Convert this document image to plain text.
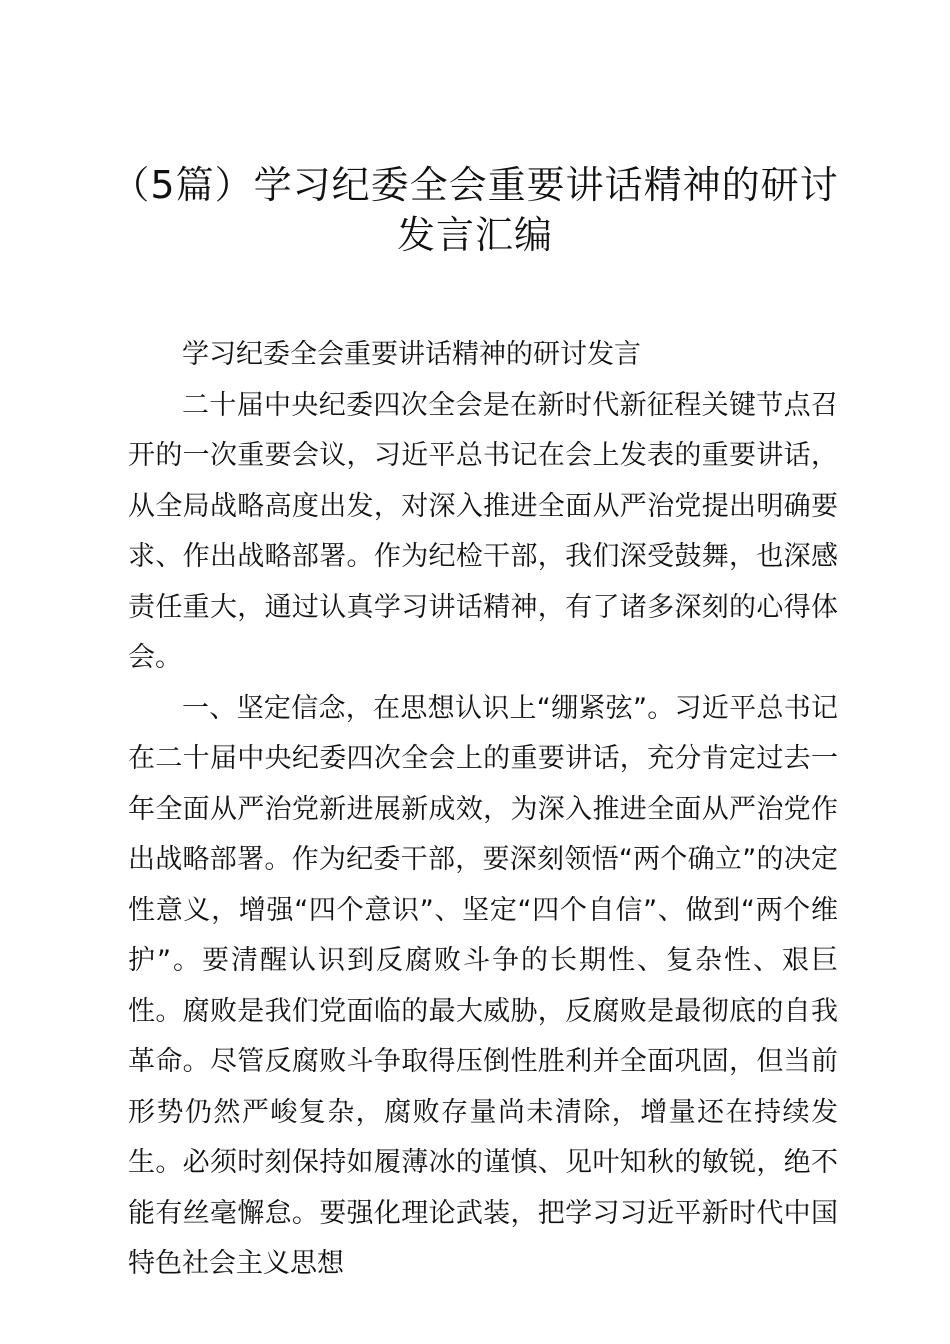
（5篇）学习纪委全会重要讲话精神的研讨发言汇编

学习纪委全会重要讲话精神的研讨发言

二十届中央纪委四次全会是在新时代新征程关键节点召开的一次重要会议，习近平总书记在会上发表的重要讲话，从全局战略高度出发，对深入推进全面从严治党提出明确要求、作出战略部署。作为纪检干部，我们深受鼓舞，也深感责任重大，通过认真学习讲话精神，有了诸多深刻的心得体会。

一、坚定信念，在思想认识上“绷紧弦”。习近平总书记在二十届中央纪委四次全会上的重要讲话，充分肯定过去一年全面从严治党新进展新成效，为深入推进全面从严治党作出战略部署。作为纪委干部，要深刻领悟“两个确立”的决定性意义，增强“四个意识”、坚定“四个自信”、做到“两个维护”。要清醒认识到反腐败斗争的长期性、复杂性、艰巨性。腐败是我们党面临的最大威胁，反腐败是最彻底的自我革命。尽管反腐败斗争取得压倒性胜利并全面巩固，但当前形势仍然严峻复杂，腐败存量尚未清除，增量还在持续发生。必须时刻保持如履薄冰的谨慎、见叶知秋的敏锐，绝不能有丝毫懈怠。要强化理论武装，把学习习近平新时代中国特色社会主义思想
